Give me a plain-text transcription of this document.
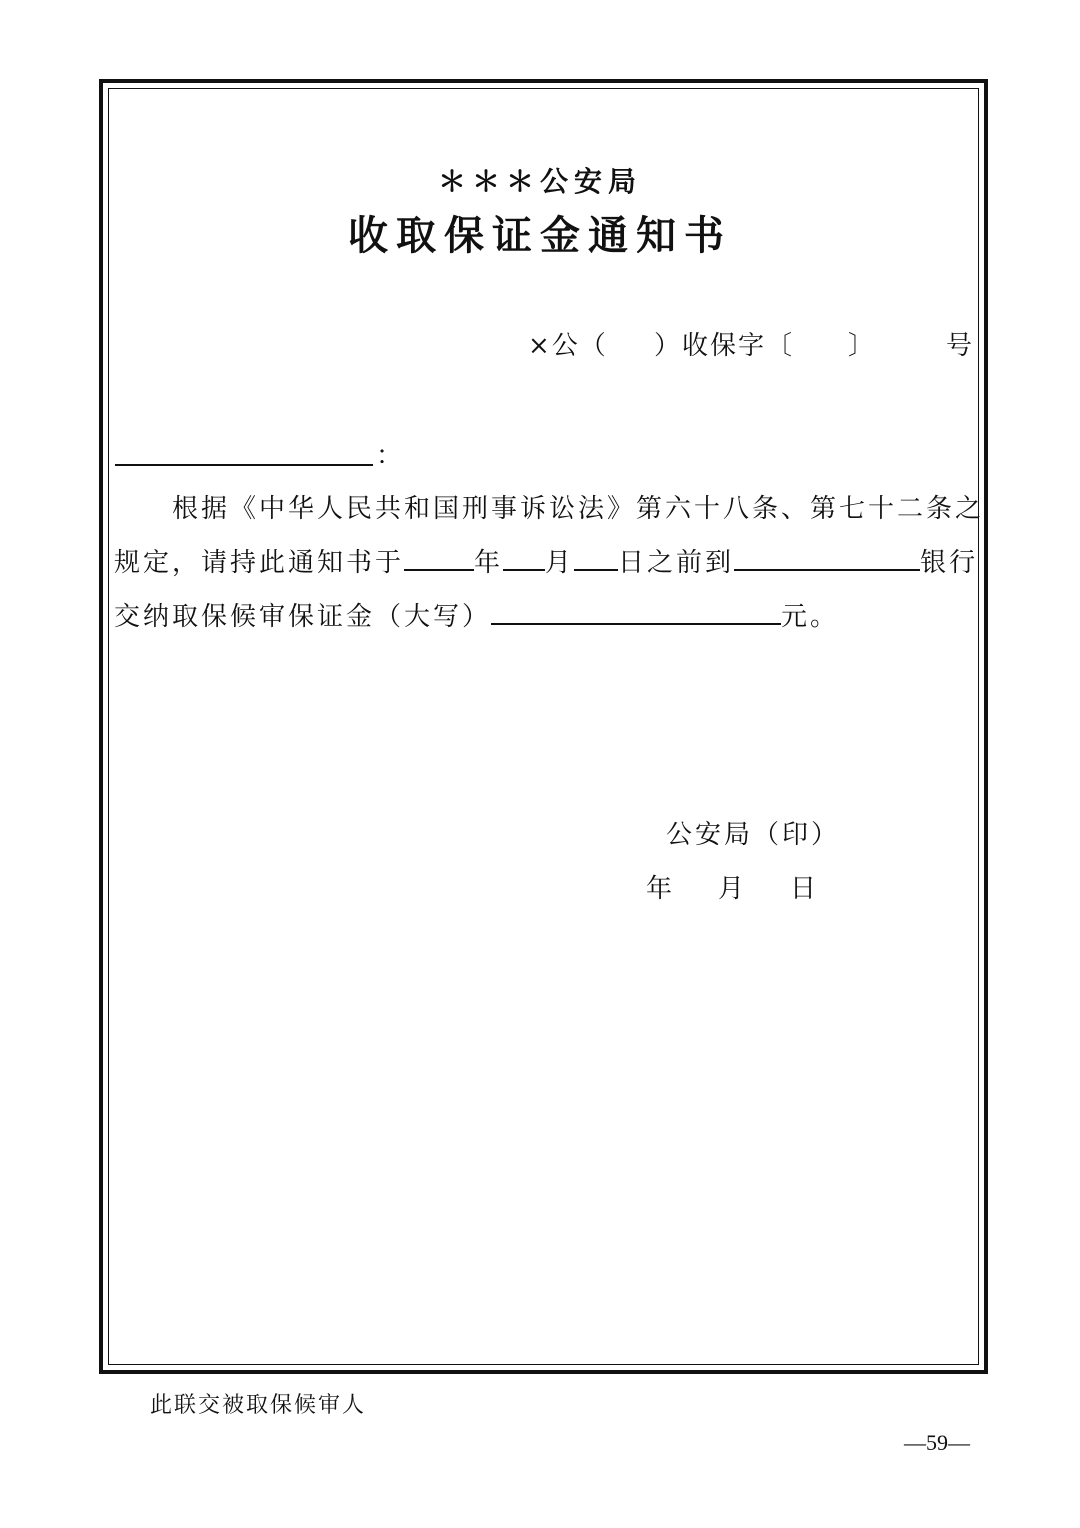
＊＊＊公安局
收取保证金通知书
×公（ ）收保字〔 〕	号
：
根据《中华人民共和国刑事诉讼法》第六十八条、第七十二条之
规定，请持此通知书于	年 月 日之前到	银行
交纳取保候审保证金（大写）	元。
公安局（印）
年 月 日
此联交被取保候审人
—59—
